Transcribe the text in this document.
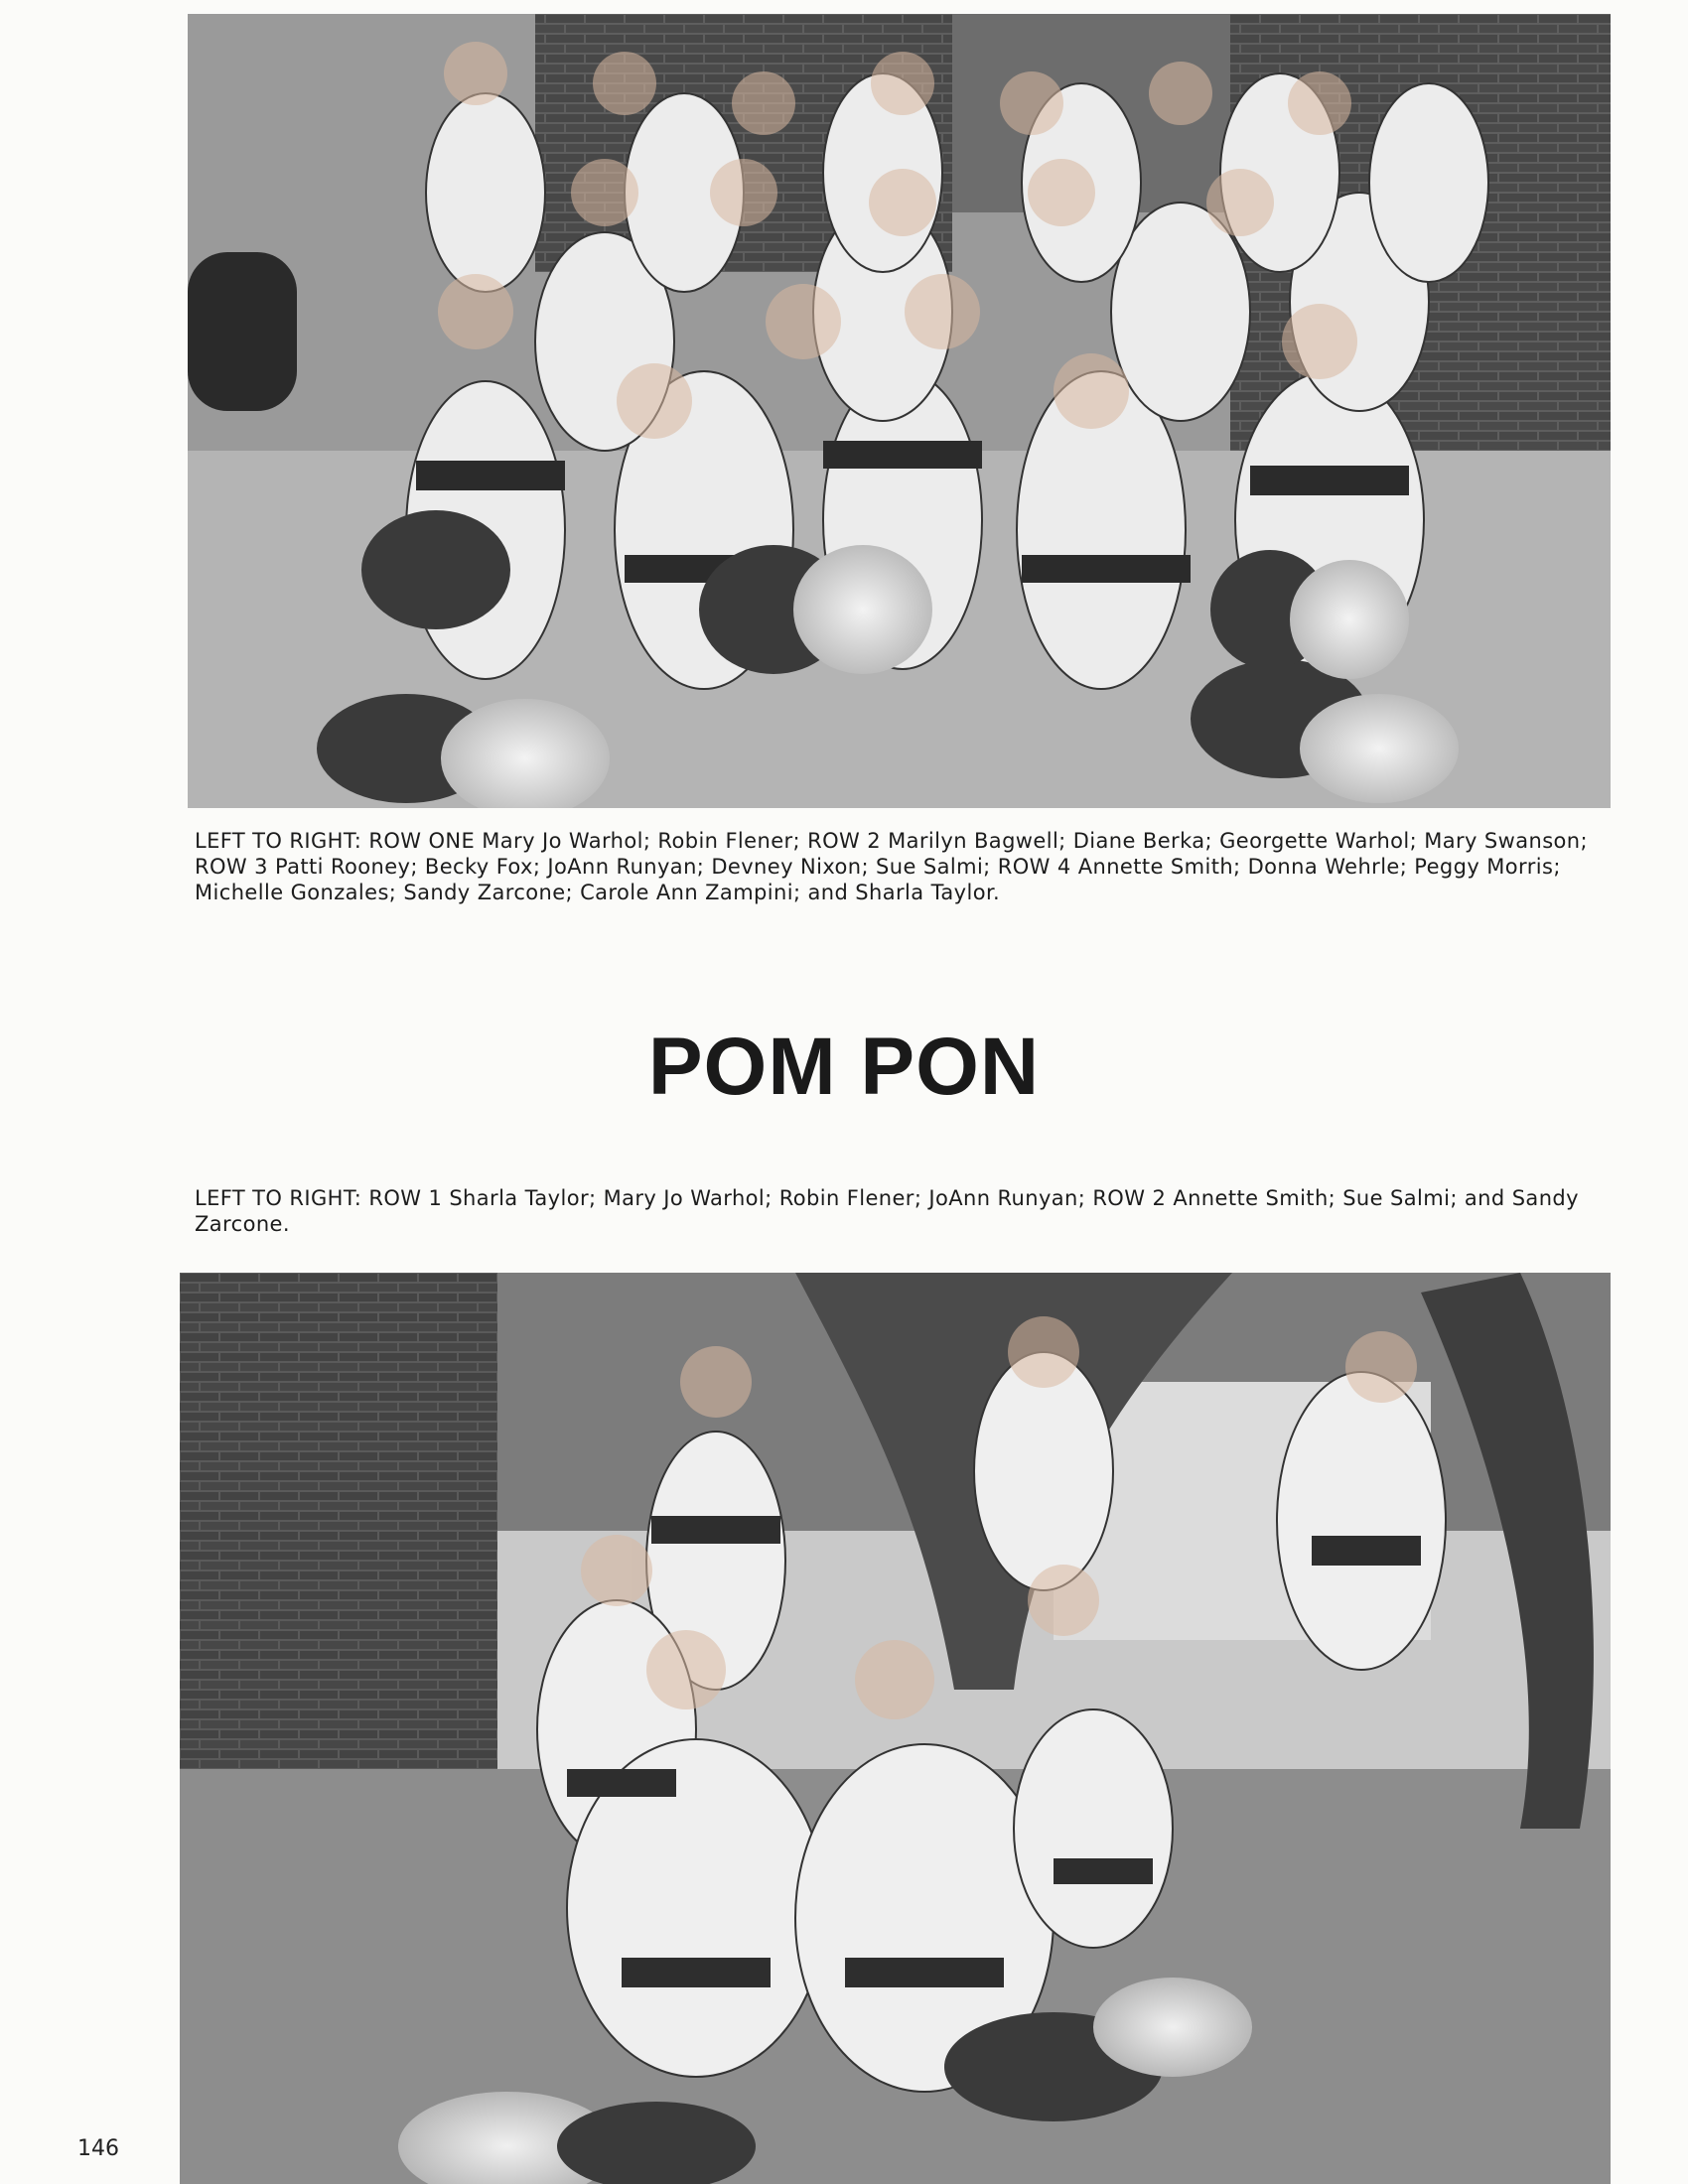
LEFT TO RIGHT: ROW ONE Mary Jo Warhol; Robin Flener; ROW 2 Marilyn Bagwell; Diane Berka; Georgette Warhol; Mary Swanson; ROW 3 Patti Rooney; Becky Fox; JoAnn Runyan; Devney Nixon; Sue Salmi; ROW 4 Annette Smith; Donna Wehrle; Peggy Morris; Michelle Gonzales; Sandy Zarcone; Carole Ann Zampini; and Sharla Taylor.
POM PON
LEFT TO RIGHT: ROW 1 Sharla Taylor; Mary Jo Warhol; Robin Flener; JoAnn Runyan; ROW 2 Annette Smith; Sue Salmi; and Sandy Zarcone.
146
